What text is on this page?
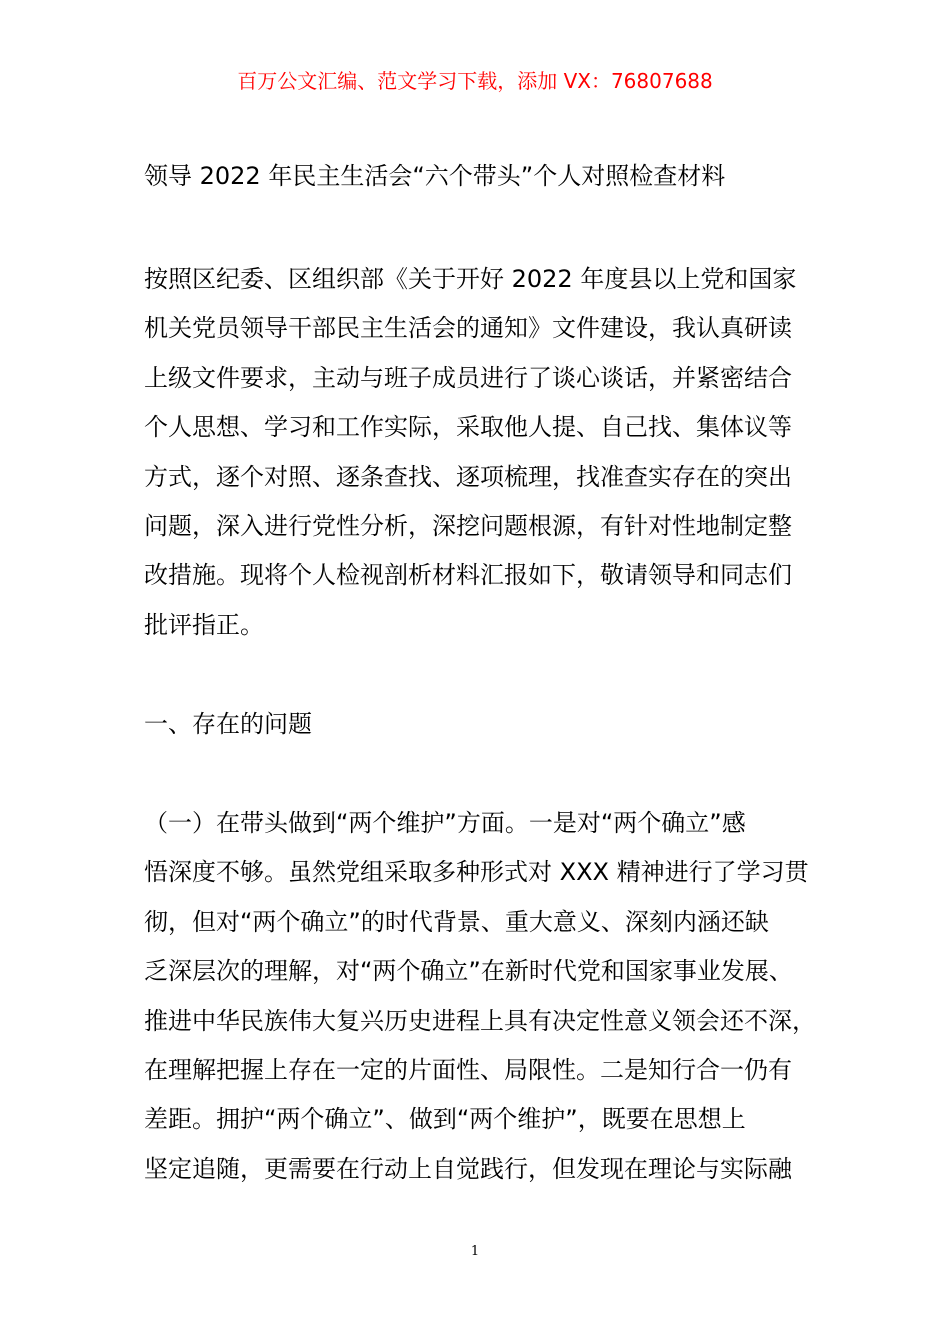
百万公文汇编、范文学习下载，添加 VX：76807688
领导 2022 年民主生活会“六个带头”个人对照检查材料

按照区纪委、区组织部《关于开好 2022 年度县以上党和国家
机关党员领导干部民主生活会的通知》文件建设，我认真研读
上级文件要求，主动与班子成员进行了谈心谈话，并紧密结合
个人思想、学习和工作实际，采取他人提、自己找、集体议等
方式，逐个对照、逐条查找、逐项梳理，找准查实存在的突出
问题，深入进行党性分析，深挖问题根源，有针对性地制定整
改措施。现将个人检视剖析材料汇报如下，敬请领导和同志们
批评指正。

一、存在的问题

（一）在带头做到“两个维护”方面。一是对“两个确立”感
悟深度不够。虽然党组采取多种形式对 XXX 精神进行了学习贯
彻，但对“两个确立”的时代背景、重大意义、深刻内涵还缺
乏深层次的理解，对“两个确立”在新时代党和国家事业发展、
推进中华民族伟大复兴历史进程上具有决定性意义领会还不深，
在理解把握上存在一定的片面性、局限性。二是知行合一仍有
差距。拥护“两个确立”、做到“两个维护”，既要在思想上
坚定追随，更需要在行动上自觉践行，但发现在理论与实际融

1
